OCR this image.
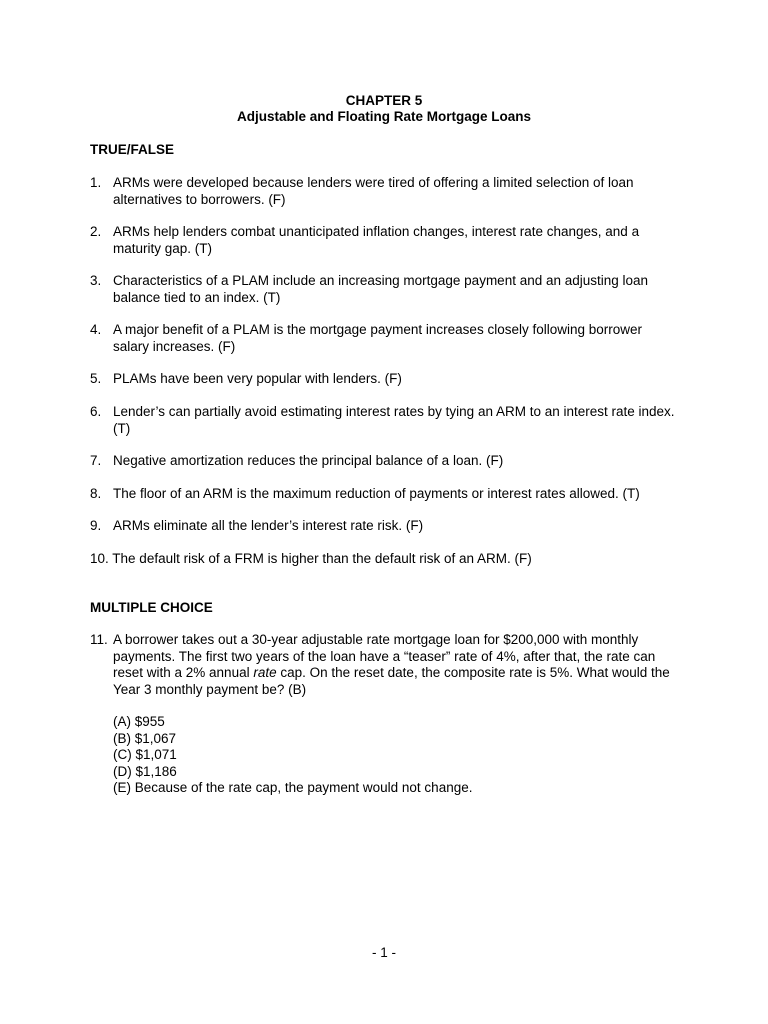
CHAPTER 5
Adjustable and Floating Rate Mortgage Loans
TRUE/FALSE
1. ARMs were developed because lenders were tired of offering a limited selection of loan alternatives to borrowers. (F)
2. ARMs help lenders combat unanticipated inflation changes, interest rate changes, and a maturity gap. (T)
3. Characteristics of a PLAM include an increasing mortgage payment and an adjusting loan balance tied to an index. (T)
4. A major benefit of a PLAM is the mortgage payment increases closely following borrower salary increases. (F)
5. PLAMs have been very popular with lenders. (F)
6. Lender’s can partially avoid estimating interest rates by tying an ARM to an interest rate index. (T)
7. Negative amortization reduces the principal balance of a loan. (F)
8. The floor of an ARM is the maximum reduction of payments or interest rates allowed. (T)
9. ARMs eliminate all the lender’s interest rate risk. (F)
10. The default risk of a FRM is higher than the default risk of an ARM. (F)
MULTIPLE CHOICE
11. A borrower takes out a 30-year adjustable rate mortgage loan for $200,000 with monthly payments. The first two years of the loan have a “teaser” rate of 4%, after that, the rate can reset with a 2% annual rate cap. On the reset date, the composite rate is 5%. What would the Year 3 monthly payment be? (B)
(A) $955
(B) $1,067
(C) $1,071
(D) $1,186
(E) Because of the rate cap, the payment would not change.
- 1 -
